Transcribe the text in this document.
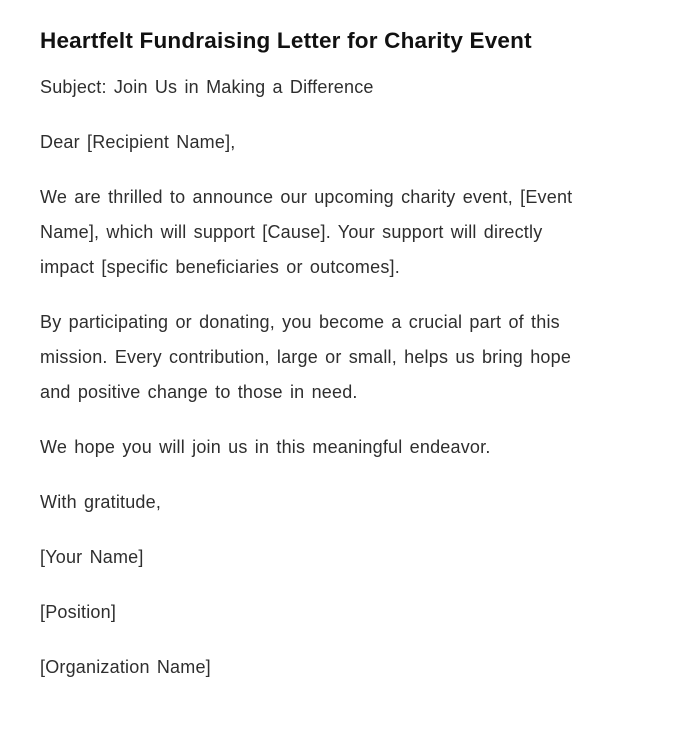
Heartfelt Fundraising Letter for Charity Event
Subject: Join Us in Making a Difference
Dear [Recipient Name],
We are thrilled to announce our upcoming charity event, [Event
Name], which will support [Cause]. Your support will directly
impact [specific beneficiaries or outcomes].
By participating or donating, you become a crucial part of this
mission. Every contribution, large or small, helps us bring hope
and positive change to those in need.
We hope you will join us in this meaningful endeavor.
With gratitude,
[Your Name]
[Position]
[Organization Name]
